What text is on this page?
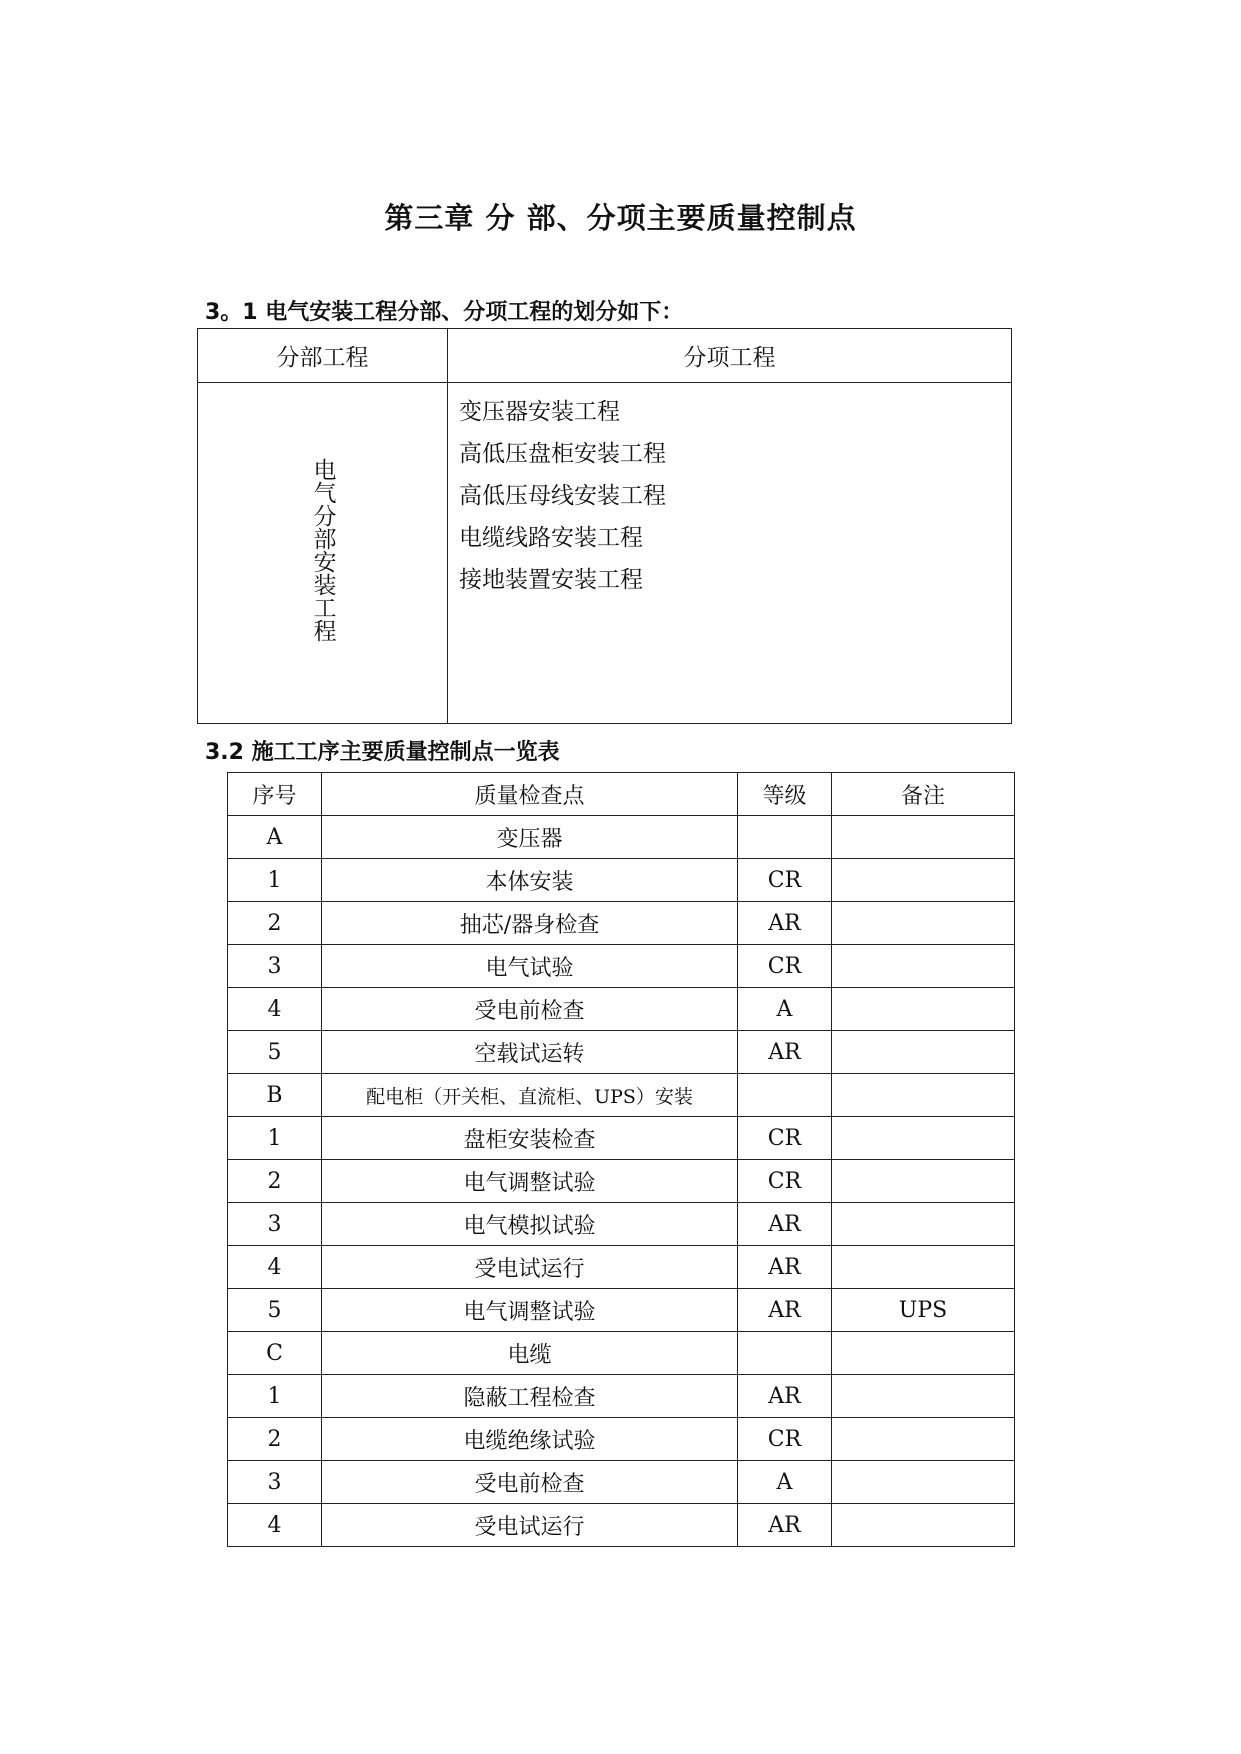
第三章 分 部、分项主要质量控制点
3。1 电气安装工程分部、分项工程的划分如下：
分部工程	分项工程
电气分部安装工程	变压器安装工程
高低压盘柜安装工程
高低压母线安装工程
电缆线路安装工程
接地装置安装工程
3.2 施工工序主要质量控制点一览表
序号	质量检查点	等级	备注
A	变压器		
1	本体安装	CR	
2	抽芯/器身检查	AR	
3	电气试验	CR	
4	受电前检查	A	
5	空载试运转	AR	
B	配电柜（开关柜、直流柜、UPS）安装		
1	盘柜安装检查	CR	
2	电气调整试验	CR	
3	电气模拟试验	AR	
4	受电试运行	AR	
5	电气调整试验	AR	UPS
C	电缆		
1	隐蔽工程检查	AR	
2	电缆绝缘试验	CR	
3	受电前检查	A	
4	受电试运行	AR	
